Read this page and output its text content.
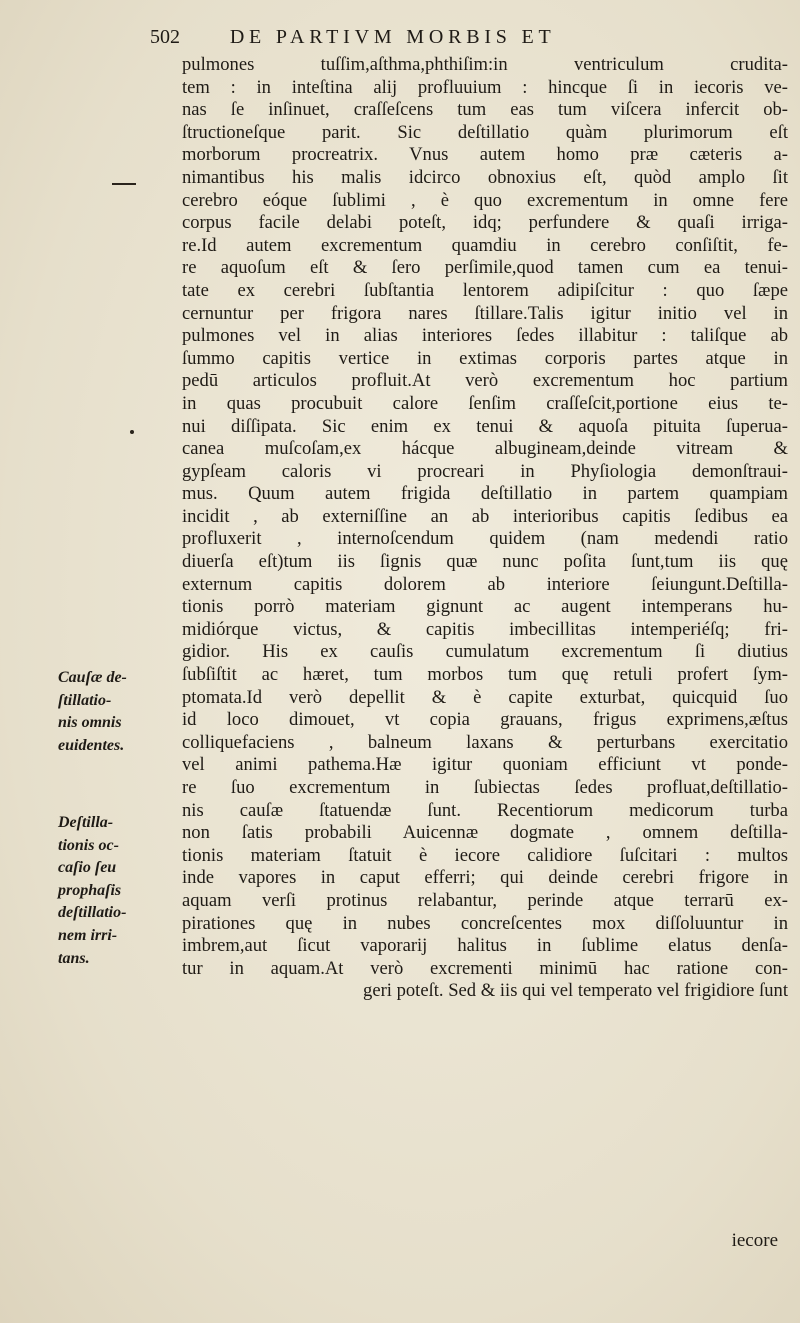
502 DE PARTIVM MORBIS ET
pulmones tuſſim,aſthma,phthiſim:in ventriculum crudita-
tem : in inteſtina alij profluuium : hincque ſi in iecoris ve-
nas ſe inſinuet, craſſeſcens tum eas tum viſcera infercit ob-
ſtructioneſque parit. Sic deſtillatio quàm plurimorum eſt
morborum procreatrix. Vnus autem homo præ cæteris a-
nimantibus his malis idcirco obnoxius eſt, quòd amplo ſit
cerebro eóque ſublimi , è quo excrementum in omne fere
corpus facile delabi poteſt, idq; perfundere & quaſi irriga-
re.Id autem excrementum quamdiu in cerebro conſiſtit, fe-
re aquoſum eſt & ſero perſimile,quod tamen cum ea tenui-
tate ex cerebri ſubſtantia lentorem adipiſcitur : quo ſæpe
cernuntur per frigora nares ſtillare.Talis igitur initio vel in
pulmones vel in alias interiores ſedes illabitur : taliſque ab
ſummo capitis vertice in extimas corporis partes atque in
pedū articulos profluit.At verò excrementum hoc partium
in quas procubuit calore ſenſim craſſeſcit,portione eius te-
nui diſſipata. Sic enim ex tenui & aquoſa pituita ſuperua-
canea muſcoſam,ex hácque albugineam,deinde vitream &
gypſeam caloris vi procreari in Phyſiologia demonſtraui-
mus. Quum autem frigida deſtillatio in partem quampiam
incidit , ab externiſſine an ab interioribus capitis ſedibus ea
profluxerit , internoſcendum quidem (nam medendi ratio
diuerſa eſt)tum iis ſignis quæ nunc poſita ſunt,tum iis quę
externum capitis dolorem ab interiore ſeiungunt.Deſtilla-
tionis porrò materiam gignunt ac augent intemperans hu-
midiórque victus, & capitis imbecillitas intemperiéſq; fri-
gidior. His ex cauſis cumulatum excrementum ſi diutius
ſubſiſtit ac hæret, tum morbos tum quę retuli profert ſym-
ptomata.Id verò depellit & è capite exturbat, quicquid ſuo
id loco dimouet, vt copia grauans, frigus exprimens,æſtus
colliquefaciens , balneum laxans & perturbans exercitatio
vel animi pathema.Hæ igitur quoniam efficiunt vt ponde-
re ſuo excrementum in ſubiectas ſedes profluat,deſtillatio-
nis cauſæ ſtatuendæ ſunt. Recentiorum medicorum turba
non ſatis probabili Auicennæ dogmate , omnem deſtilla-
tionis materiam ſtatuit è iecore calidiore ſuſcitari : multos
inde vapores in caput efferri; qui deinde cerebri frigore in
aquam verſi protinus relabantur, perinde atque terrarū ex-
pirationes quę in nubes concreſcentes mox diſſoluuntur in
imbrem,aut ſicut vaporarij halitus in ſublime elatus denſa-
tur in aquam.At verò excrementi minimū hac ratione con-
geri poteſt. Sed & iis qui vel temperato vel frigidiore ſunt
Cauſæ de-
ſtillatio-
nis omnis
euidentes.
Deſtilla-
tionis oc-
caſio ſeu
prophaſis
deſtillatio-
nem irri-
tans.
iecore
